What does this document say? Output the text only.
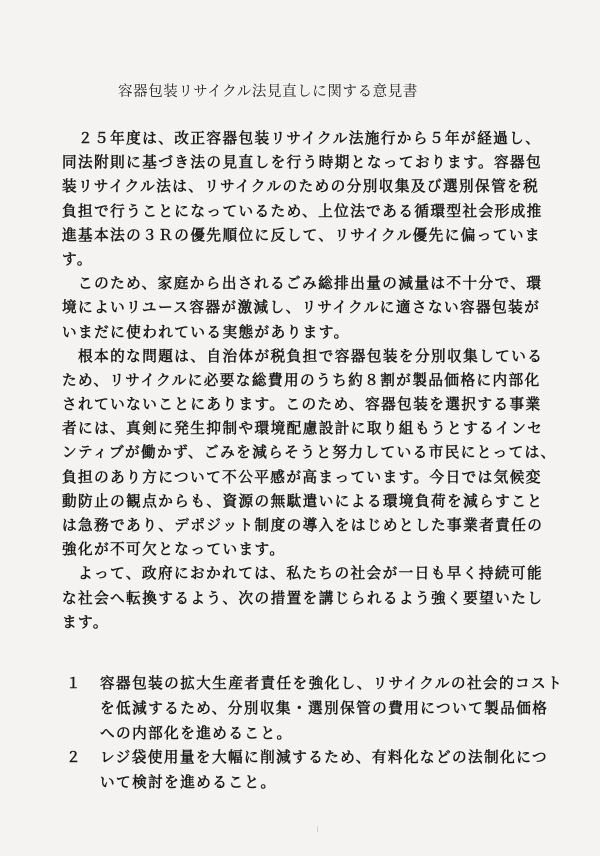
容器包装リサイクル法見直しに関する意見書
　２５年度は、改正容器包装リサイクル法施行から５年が経過し、
同法附則に基づき法の見直しを行う時期となっております。容器包
装リサイクル法は、リサイクルのための分別収集及び選別保管を税
負担で行うことになっているため、上位法である循環型社会形成推
進基本法の３Ｒの優先順位に反して、リサイクル優先に偏っていま
す。
　このため、家庭から出されるごみ総排出量の減量は不十分で、環
境によいリユース容器が激減し、リサイクルに適さない容器包装が
いまだに使われている実態があります。
　根本的な問題は、自治体が税負担で容器包装を分別収集している
ため、リサイクルに必要な総費用のうち約８割が製品価格に内部化
されていないことにあります。このため、容器包装を選択する事業
者には、真剣に発生抑制や環境配慮設計に取り組もうとするインセ
ンティブが働かず、ごみを減らそうと努力している市民にとっては、
負担のあり方について不公平感が高まっています。今日では気候変
動防止の観点からも、資源の無駄遣いによる環境負荷を減らすこと
は急務であり、デポジット制度の導入をはじめとした事業者責任の
強化が不可欠となっています。
　よって、政府におかれては、私たちの社会が一日も早く持続可能
な社会へ転換するよう、次の措置を講じられるよう強く要望いたし
ます。
１ 容器包装の拡大生産者責任を強化し、リサイクルの社会的コスト
を低減するため、分別収集・選別保管の費用について製品価格
への内部化を進めること。
２ レジ袋使用量を大幅に削減するため、有料化などの法制化につ
いて検討を進めること。
